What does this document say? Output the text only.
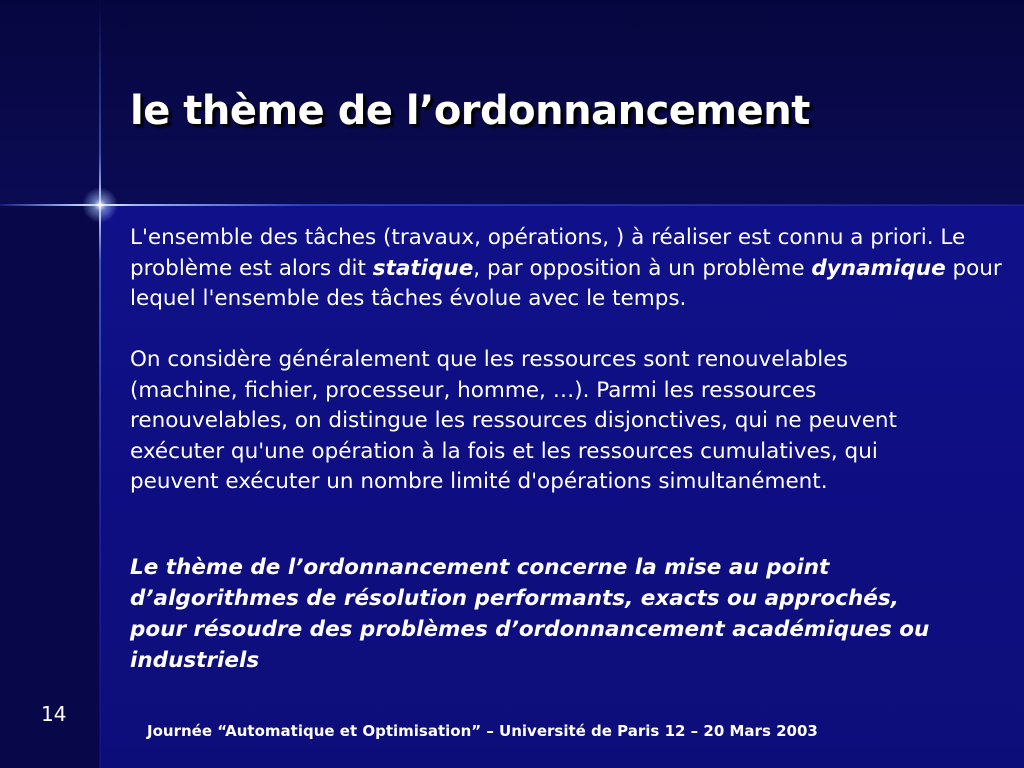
le thème de l’ordonnancement

L'ensemble des tâches (travaux, opérations, ) à réaliser est connu a priori. Le problème est alors dit statique, par opposition à un problème dynamique pour lequel l'ensemble des tâches évolue avec le temps.

On considère généralement que les ressources sont renouvelables (machine, fichier, processeur, homme, …). Parmi les ressources renouvelables, on distingue les ressources disjonctives, qui ne peuvent exécuter qu'une opération à la fois et les ressources cumulatives, qui peuvent exécuter un nombre limité d'opérations simultanément.

Le thème de l’ordonnancement concerne la mise au point d’algorithmes de résolution performants, exacts ou approchés, pour résoudre des problèmes d’ordonnancement académiques ou industriels

14
Journée “Automatique et Optimisation” – Université de Paris 12 – 20 Mars 2003
